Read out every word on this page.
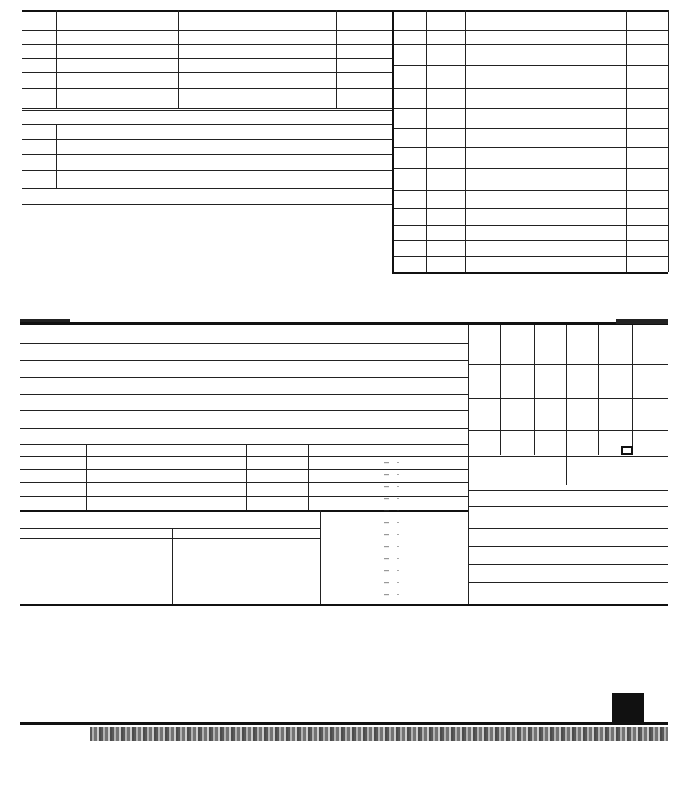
–   ·
–   ·
–   ·
–   ·
–   ·
–   ·
–   ·
–   ·
–   ·
–   ·
–   ·
–   ·
